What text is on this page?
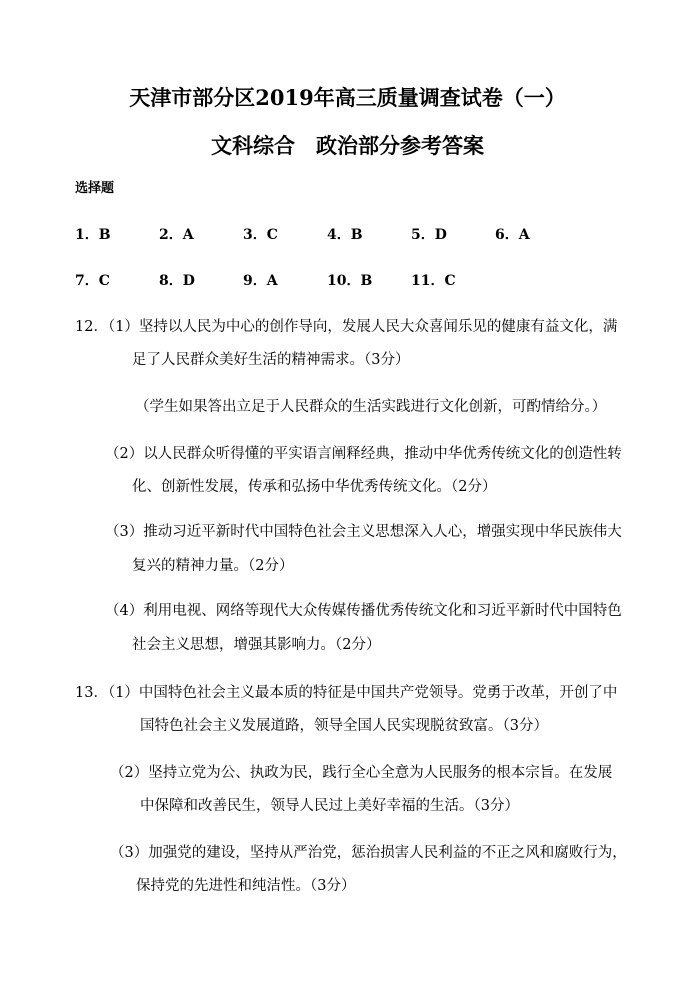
天津市部分区2019年高三质量调查试卷（一）
文科综合　政治部分参考答案
选择题
1．B	2．A	3．C	4．B	5．D	6．A
7．C	8．D	9．A	10．B	11．C
12．（1）坚持以人民为中心的创作导向，发展人民大众喜闻乐见的健康有益文化，满
足了人民群众美好生活的精神需求。（3分）
（学生如果答出立足于人民群众的生活实践进行文化创新，可酌情给分。）
（2）以人民群众听得懂的平实语言阐释经典，推动中华优秀传统文化的创造性转
化、创新性发展，传承和弘扬中华优秀传统文化。（2分）
（3）推动习近平新时代中国特色社会主义思想深入人心，增强实现中华民族伟大
复兴的精神力量。（2分）
（4）利用电视、网络等现代大众传媒传播优秀传统文化和习近平新时代中国特色
社会主义思想，增强其影响力。（2分）
13．（1）中国特色社会主义最本质的特征是中国共产党领导。党勇于改革，开创了中
国特色社会主义发展道路，领导全国人民实现脱贫致富。（3分）
（2）坚持立党为公、执政为民，践行全心全意为人民服务的根本宗旨。在发展
中保障和改善民生，领导人民过上美好幸福的生活。（3分）
（3）加强党的建设，坚持从严治党，惩治损害人民利益的不正之风和腐败行为，
保持党的先进性和纯洁性。（3分）
